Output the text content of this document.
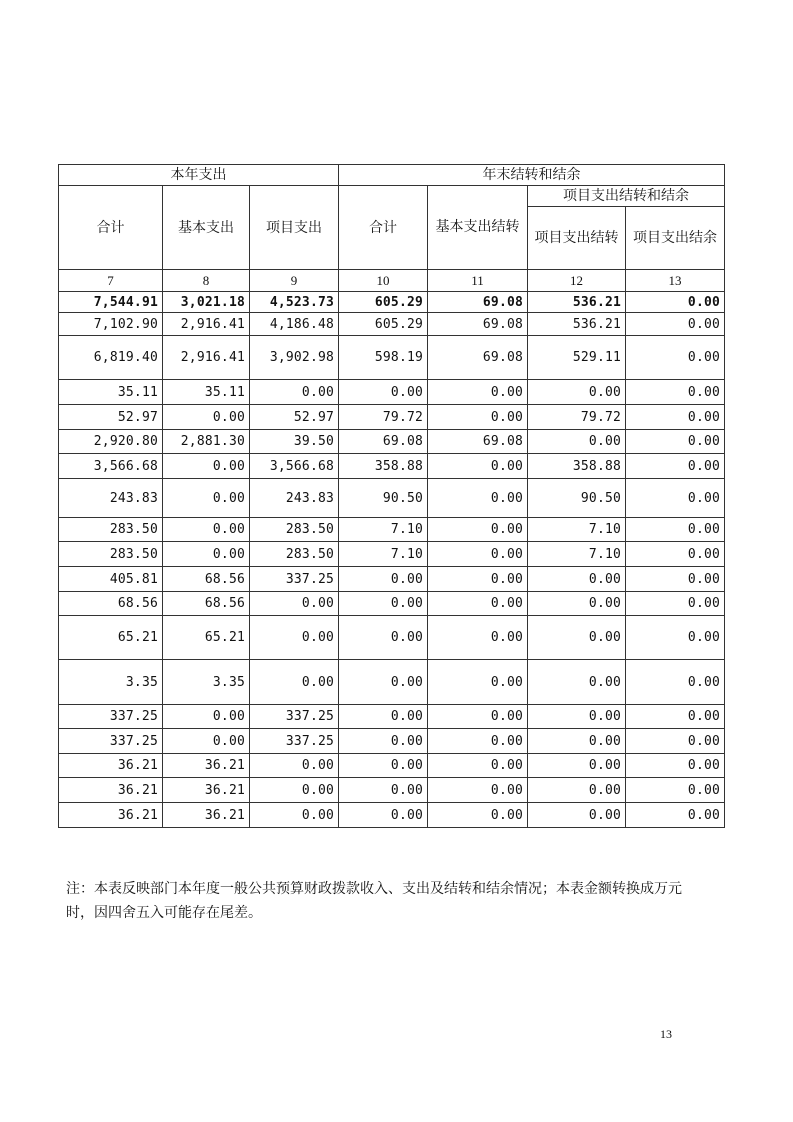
本年支出			年末结转和结余			
合计	基本支出	项目支出	合计	基本支出结转	项目支出结转和结余	
					项目支出结转	项目支出结余
7	8	9	10	11	12	13
7,544.91	3,021.18	4,523.73	605.29	69.08	536.21	0.00
7,102.90	2,916.41	4,186.48	605.29	69.08	536.21	0.00
6,819.40	2,916.41	3,902.98	598.19	69.08	529.11	0.00
35.11	35.11	0.00	0.00	0.00	0.00	0.00
52.97	0.00	52.97	79.72	0.00	79.72	0.00
2,920.80	2,881.30	39.50	69.08	69.08	0.00	0.00
3,566.68	0.00	3,566.68	358.88	0.00	358.88	0.00
243.83	0.00	243.83	90.50	0.00	90.50	0.00
283.50	0.00	283.50	7.10	0.00	7.10	0.00
283.50	0.00	283.50	7.10	0.00	7.10	0.00
405.81	68.56	337.25	0.00	0.00	0.00	0.00
68.56	68.56	0.00	0.00	0.00	0.00	0.00
65.21	65.21	0.00	0.00	0.00	0.00	0.00
3.35	3.35	0.00	0.00	0.00	0.00	0.00
337.25	0.00	337.25	0.00	0.00	0.00	0.00
337.25	0.00	337.25	0.00	0.00	0.00	0.00
36.21	36.21	0.00	0.00	0.00	0.00	0.00
36.21	36.21	0.00	0.00	0.00	0.00	0.00
36.21	36.21	0.00	0.00	0.00	0.00	0.00
注：本表反映部门本年度一般公共预算财政拨款收入、支出及结转和结余情况；本表金额转换成万元时，因四舍五入可能存在尾差。
13
